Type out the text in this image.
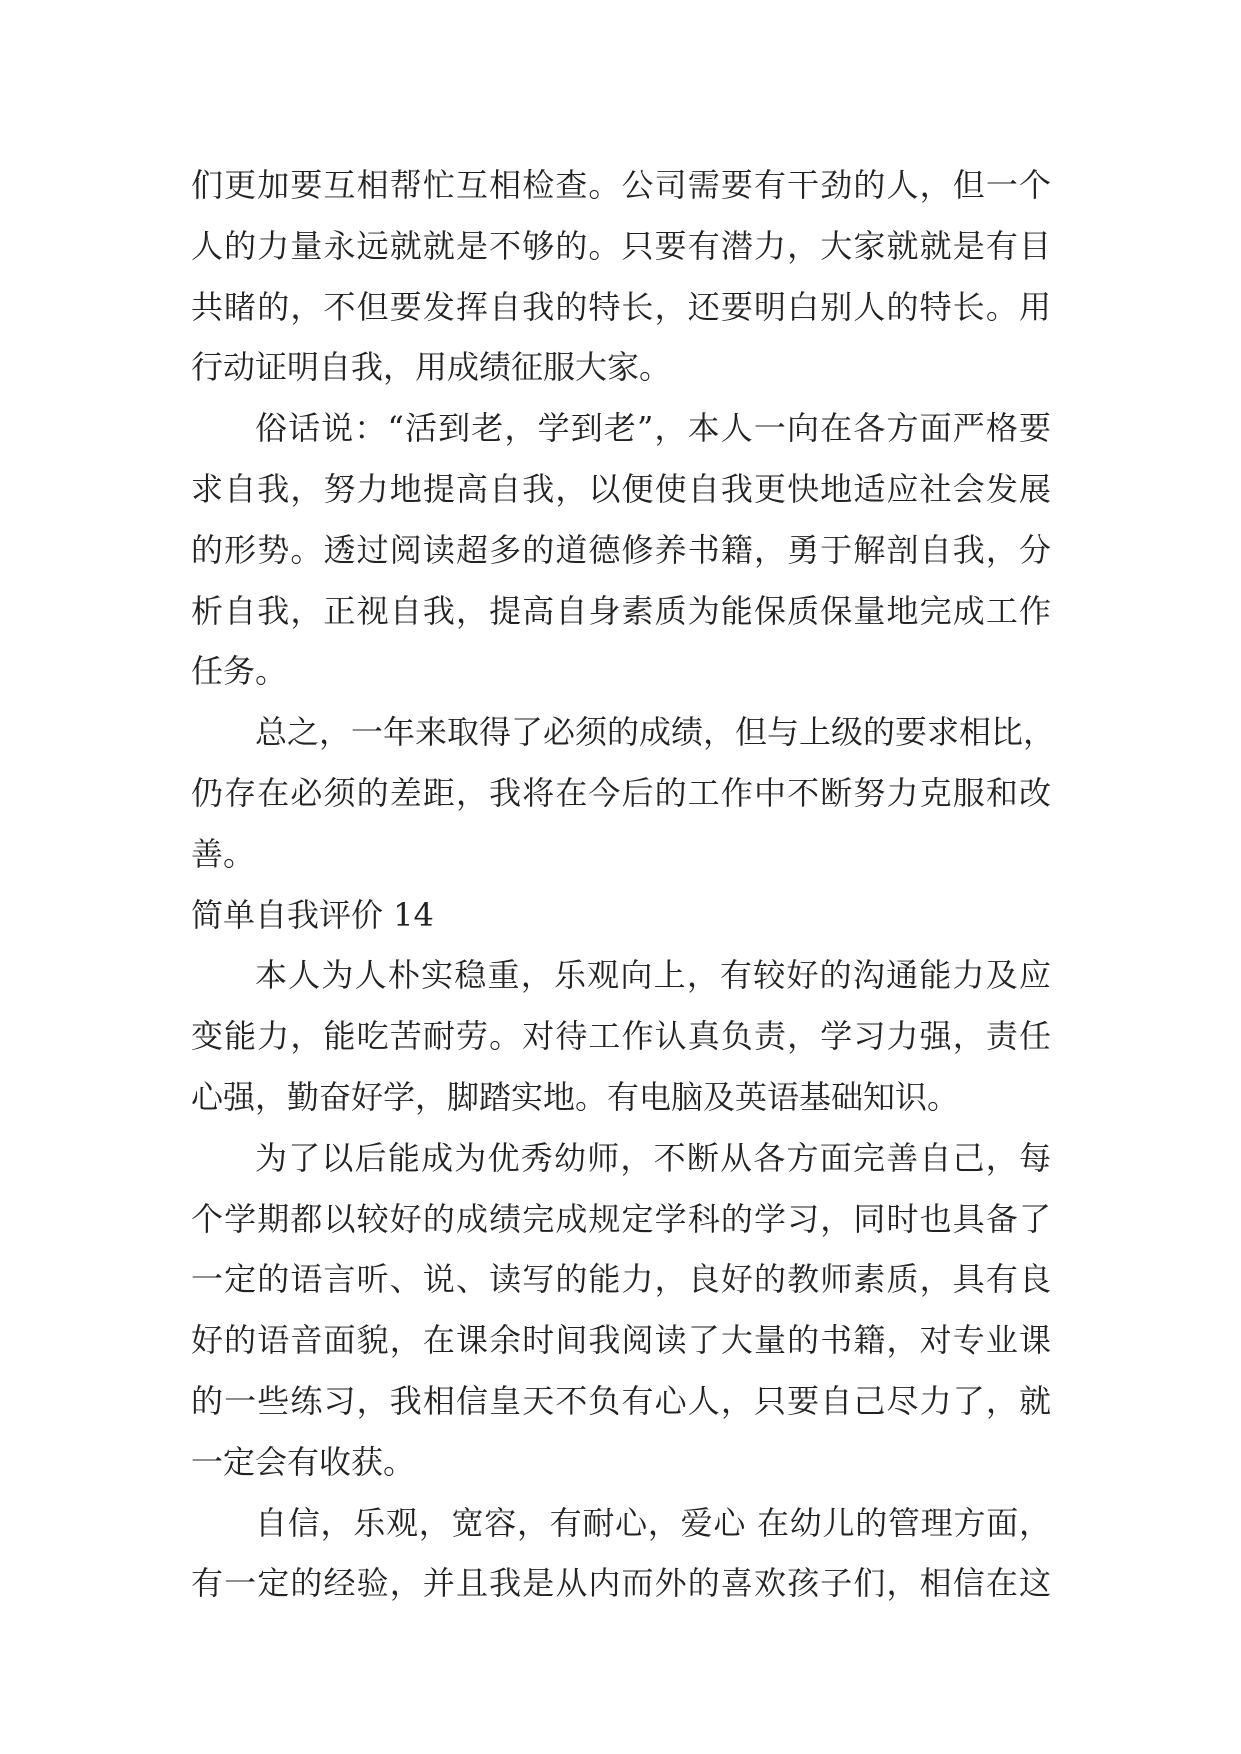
们更加要互相帮忙互相检查。公司需要有干劲的人，但一个
人的力量永远就就是不够的。只要有潜力，大家就就是有目
共睹的，不但要发挥自我的特长，还要明白别人的特长。用
行动证明自我，用成绩征服大家。
俗话说：“活到老，学到老”，本人一向在各方面严格要
求自我，努力地提高自我，以便使自我更快地适应社会发展
的形势。透过阅读超多的道德修养书籍，勇于解剖自我，分
析自我，正视自我，提高自身素质为能保质保量地完成工作
任务。
总之，一年来取得了必须的成绩，但与上级的要求相比，
仍存在必须的差距，我将在今后的工作中不断努力克服和改
善。
简单自我评价 14
本人为人朴实稳重，乐观向上，有较好的沟通能力及应
变能力，能吃苦耐劳。对待工作认真负责，学习力强，责任
心强，勤奋好学，脚踏实地。有电脑及英语基础知识。
为了以后能成为优秀幼师，不断从各方面完善自己，每
个学期都以较好的成绩完成规定学科的学习，同时也具备了
一定的语言听、说、读写的能力，良好的教师素质，具有良
好的语音面貌，在课余时间我阅读了大量的书籍，对专业课
的一些练习，我相信皇天不负有心人，只要自己尽力了，就
一定会有收获。
自信，乐观，宽容，有耐心，爱心 在幼儿的管理方面，
有一定的经验，并且我是从内而外的喜欢孩子们，相信在这
